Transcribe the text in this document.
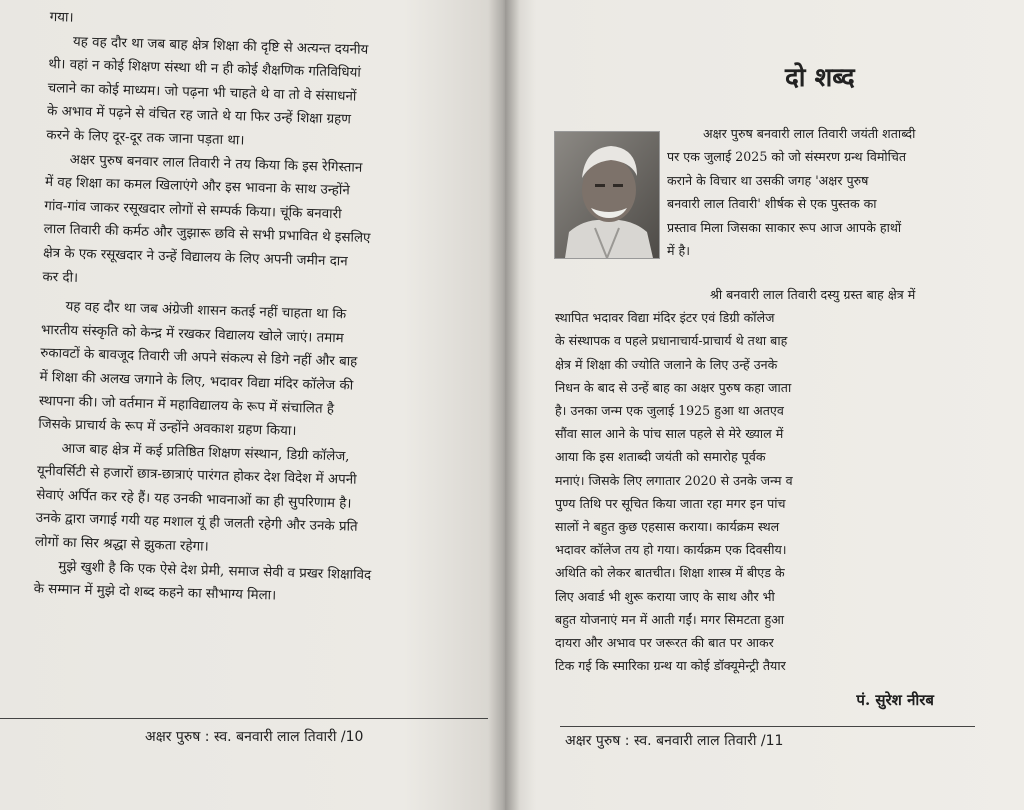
गया।
यह वह दौर था जब बाह क्षेत्र शिक्षा की दृष्टि से अत्यन्त दयनीय
थी। वहां न कोई शिक्षण संस्था थी न ही कोई शैक्षणिक गतिविधियां
चलाने का कोई माध्यम। जो पढ़ना भी चाहते थे वा तो वे संसाधनों
के अभाव में पढ़ने से वंचित रह जाते थे या फिर उन्हें शिक्षा ग्रहण
करने के लिए दूर-दूर तक जाना पड़ता था।
अक्षर पुरुष बनवार लाल तिवारी ने तय किया कि इस रेगिस्तान
में वह शिक्षा का कमल खिलाएंगे और इस भावना के साथ उन्होंने
गांव-गांव जाकर रसूखदार लोगों से सम्पर्क किया। चूंकि बनवारी
लाल तिवारी की कर्मठ और जुझारू छवि से सभी प्रभावित थे इसलिए
क्षेत्र के एक रसूखदार ने उन्हें विद्यालय के लिए अपनी जमीन दान
कर दी।
यह वह दौर था जब अंग्रेजी शासन कतई नहीं चाहता था कि
भारतीय संस्कृति को केन्द्र में रखकर विद्यालय खोले जाएं। तमाम
रुकावटों के बावजूद तिवारी जी अपने संकल्प से डिगे नहीं और बाह
में शिक्षा की अलख जगाने के लिए, भदावर विद्या मंदिर कॉलेज की
स्थापना की। जो वर्तमान में महाविद्यालय के रूप में संचालित है
जिसके प्राचार्य के रूप में उन्होंने अवकाश ग्रहण किया।
आज बाह क्षेत्र में कई प्रतिष्ठित शिक्षण संस्थान, डिग्री कॉलेज,
यूनीवर्सिटी से हजारों छात्र-छात्राएं पारंगत होकर देश विदेश में अपनी
सेवाएं अर्पित कर रहे हैं। यह उनकी भावनाओं का ही सुपरिणाम है।
उनके द्वारा जगाई गयी यह मशाल यूं ही जलती रहेगी और उनके प्रति
लोगों का सिर श्रद्धा से झुकता रहेगा।
मुझे खुशी है कि एक ऐसे देश प्रेमी, समाज सेवी व प्रखर शिक्षाविद
के सम्मान में मुझे दो शब्द कहने का सौभाग्य मिला।
पं. सुरेश नीरब
अक्षर पुरुष : स्व. बनवारी लाल तिवारी /10
दो शब्द
अक्षर पुरुष बनवारी लाल तिवारी जयंती शताब्दी
पर एक जुलाई 2025 को जो संस्मरण ग्रन्थ विमोचित
कराने के विचार था उसकी जगह 'अक्षर पुरुष
बनवारी लाल तिवारी' शीर्षक से एक पुस्तक का
प्रस्ताव मिला जिसका साकार रूप आज आपके हाथों
में है।
श्री बनवारी लाल तिवारी दस्यु ग्रस्त बाह क्षेत्र में
स्थापित भदावर विद्या मंदिर इंटर एवं डिग्री कॉलेज
के संस्थापक व पहले प्रधानाचार्य-प्राचार्य थे तथा बाह
क्षेत्र में शिक्षा की ज्योति जलाने के लिए उन्हें उनके
निधन के बाद से उन्हें बाह का अक्षर पुरुष कहा जाता
है। उनका जन्म एक जुलाई 1925 हुआ था अतएव
सौंवा साल आने के पांच साल पहले से मेरे ख्याल में
आया कि इस शताब्दी जयंती को समारोह पूर्वक
मनाएं। जिसके लिए लगातार 2020 से उनके जन्म व
पुण्य तिथि पर सूचित किया जाता रहा मगर इन पांच
सालों ने बहुत कुछ एहसास कराया। कार्यक्रम स्थल
भदावर कॉलेज तय हो गया। कार्यक्रम एक दिवसीय।
अथिति को लेकर बातचीत। शिक्षा शास्त्र में बीएड के
लिए अवार्ड भी शुरू कराया जाए के साथ और भी
बहुत योजनाएं मन में आती गईं। मगर सिमटता हुआ
दायरा और अभाव पर जरूरत की बात पर आकर
टिक गई कि स्मारिका ग्रन्थ या कोई डॉक्यूमेन्ट्री तैयार
अक्षर पुरुष : स्व. बनवारी लाल तिवारी /11
